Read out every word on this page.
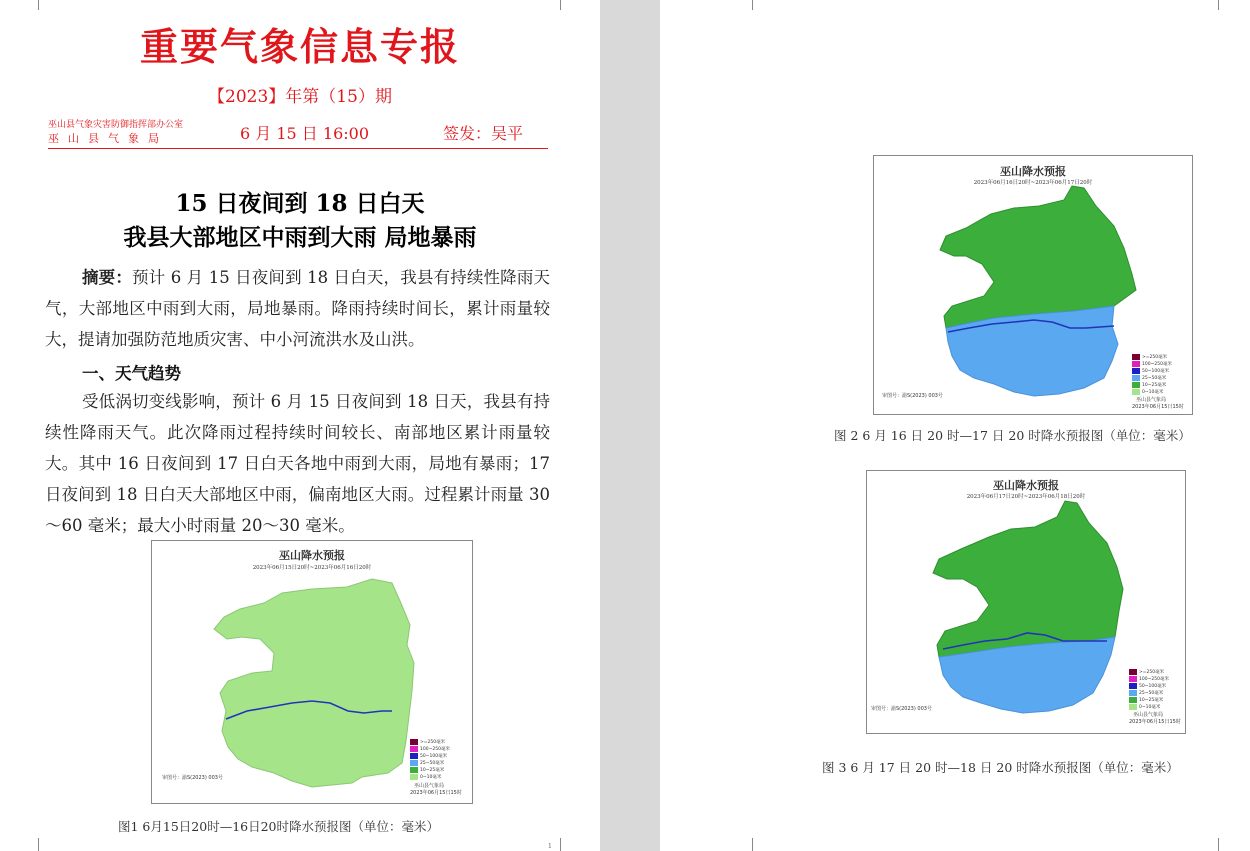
重要气象信息专报
【2023】年第（15）期
巫山县气象灾害防御指挥部办公室
巫山县气象局	6 月 15 日 16:00	签发：吴平
15 日夜间到 18 日白天
我县大部地区中雨到大雨 局地暴雨
摘要：预计 6 月 15 日夜间到 18 日白天，我县有持续性降雨天气，大部地区中雨到大雨，局地暴雨。降雨持续时间长，累计雨量较大，提请加强防范地质灾害、中小河流洪水及山洪。
一、天气趋势
受低涡切变线影响，预计 6 月 15 日夜间到 18 日天，我县有持续性降雨天气。此次降雨过程持续时间较长、南部地区累计雨量较大。其中 16 日夜间到 17 日白天各地中雨到大雨，局地有暴雨；17 日夜间到 18 日白天大部地区中雨，偏南地区大雨。过程累计雨量 30～60 毫米；最大小时雨量 20～30 毫米。
巫山降水预报
2023年06月15日20时~2023年06月16日20时
>=250毫米
100~250毫米
50~100毫米
25~50毫米
10~25毫米
0~10毫米
审图号：渝S(2023) 003号
巫山县气象局
2023年06月15日15时
图1 6月15日20时—16日20时降水预报图（单位：毫米）
1
巫山降水预报
2023年06月16日20时~2023年06月17日20时
>=250毫米
100~250毫米
50~100毫米
25~50毫米
10~25毫米
0~10毫米
审图号：渝S(2023) 003号
巫山县气象局
2023年06月15日15时
图 2 6 月 16 日 20 时—17 日 20 时降水预报图（单位：毫米）
巫山降水预报
2023年06月17日20时~2023年06月18日20时
>=250毫米
100~250毫米
50~100毫米
25~50毫米
10~25毫米
0~10毫米
审图号：渝S(2023) 003号
巫山县气象局
2023年06月15日15时
图 3 6 月 17 日 20 时—18 日 20 时降水预报图（单位：毫米）
